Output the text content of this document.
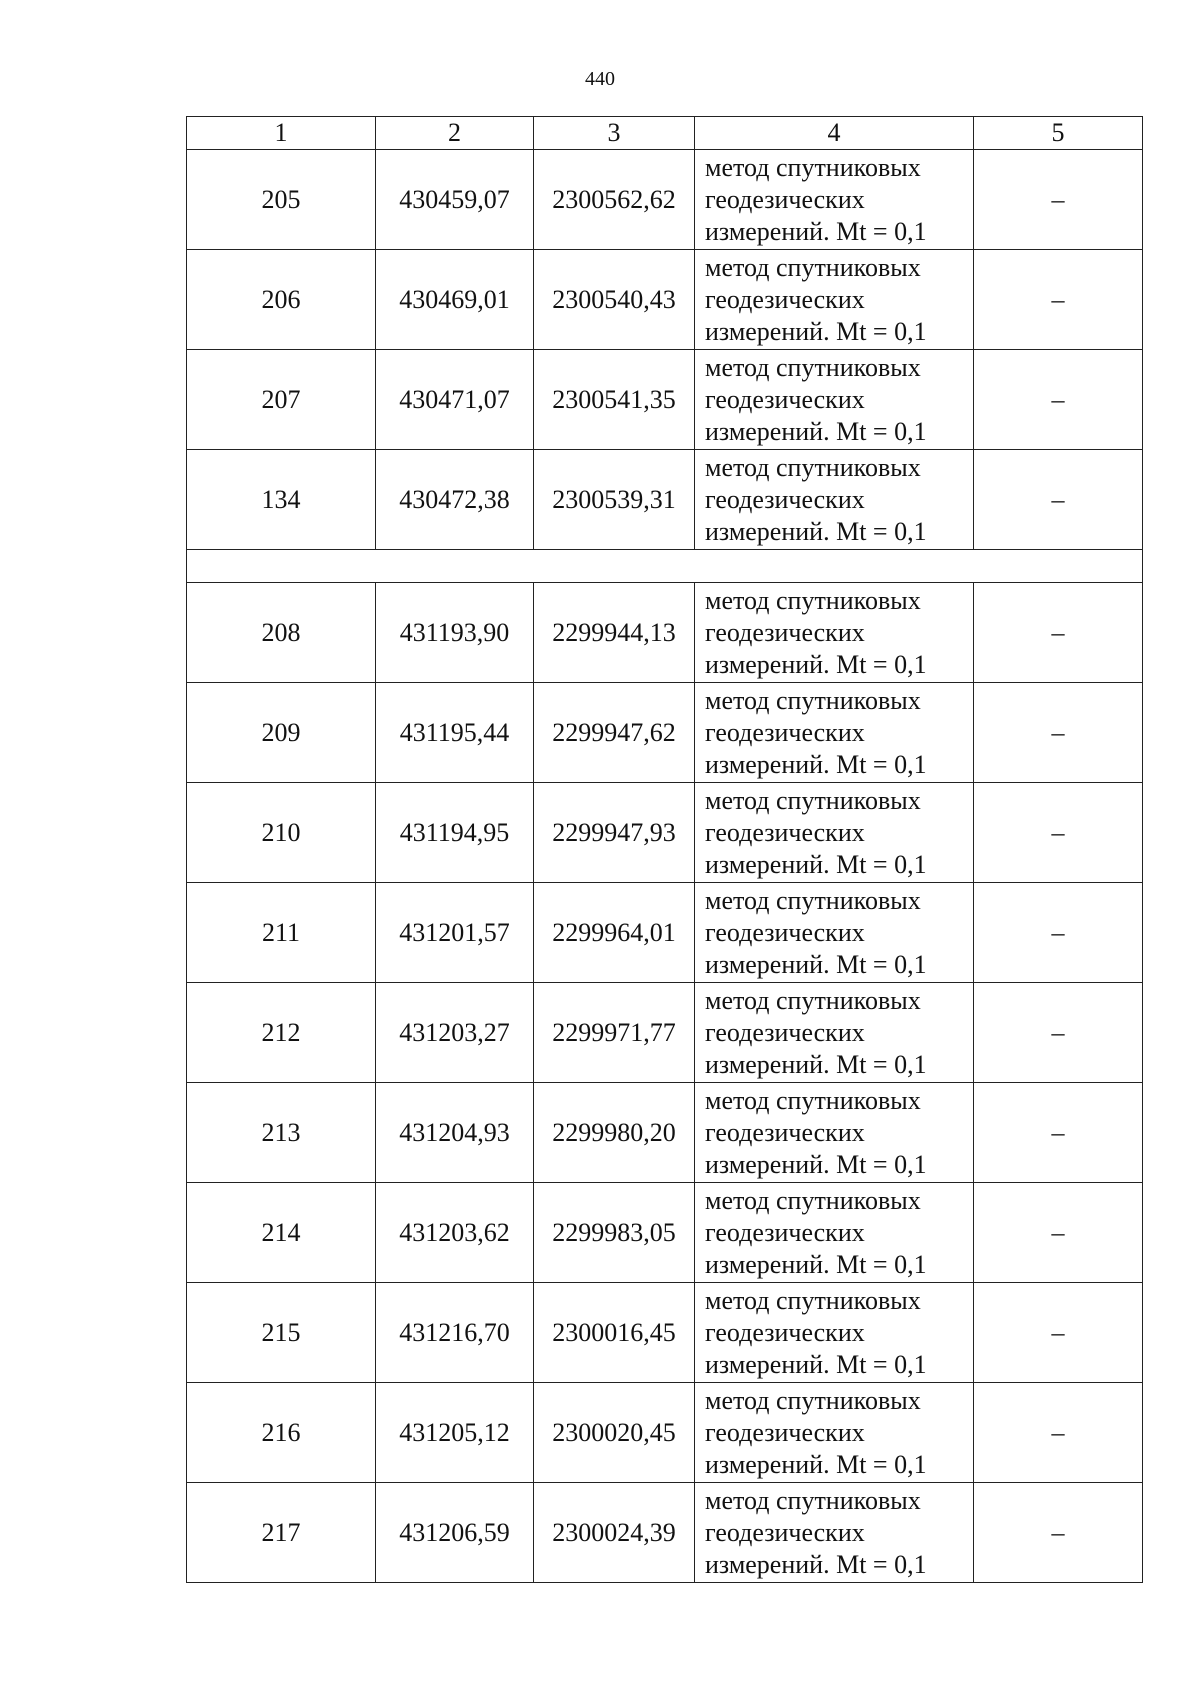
440
1	2	3	4	5
205	430459,07	2300562,62	метод спутниковых
геодезических
измерений. Mt = 0,1	–
206	430469,01	2300540,43	метод спутниковых
геодезических
измерений. Mt = 0,1	–
207	430471,07	2300541,35	метод спутниковых
геодезических
измерений. Mt = 0,1	–
134	430472,38	2300539,31	метод спутниковых
геодезических
измерений. Mt = 0,1	–

208	431193,90	2299944,13	метод спутниковых
геодезических
измерений. Mt = 0,1	–
209	431195,44	2299947,62	метод спутниковых
геодезических
измерений. Mt = 0,1	–
210	431194,95	2299947,93	метод спутниковых
геодезических
измерений. Mt = 0,1	–
211	431201,57	2299964,01	метод спутниковых
геодезических
измерений. Mt = 0,1	–
212	431203,27	2299971,77	метод спутниковых
геодезических
измерений. Mt = 0,1	–
213	431204,93	2299980,20	метод спутниковых
геодезических
измерений. Mt = 0,1	–
214	431203,62	2299983,05	метод спутниковых
геодезических
измерений. Mt = 0,1	–
215	431216,70	2300016,45	метод спутниковых
геодезических
измерений. Mt = 0,1	–
216	431205,12	2300020,45	метод спутниковых
геодезических
измерений. Mt = 0,1	–
217	431206,59	2300024,39	метод спутниковых
геодезических
измерений. Mt = 0,1	–
